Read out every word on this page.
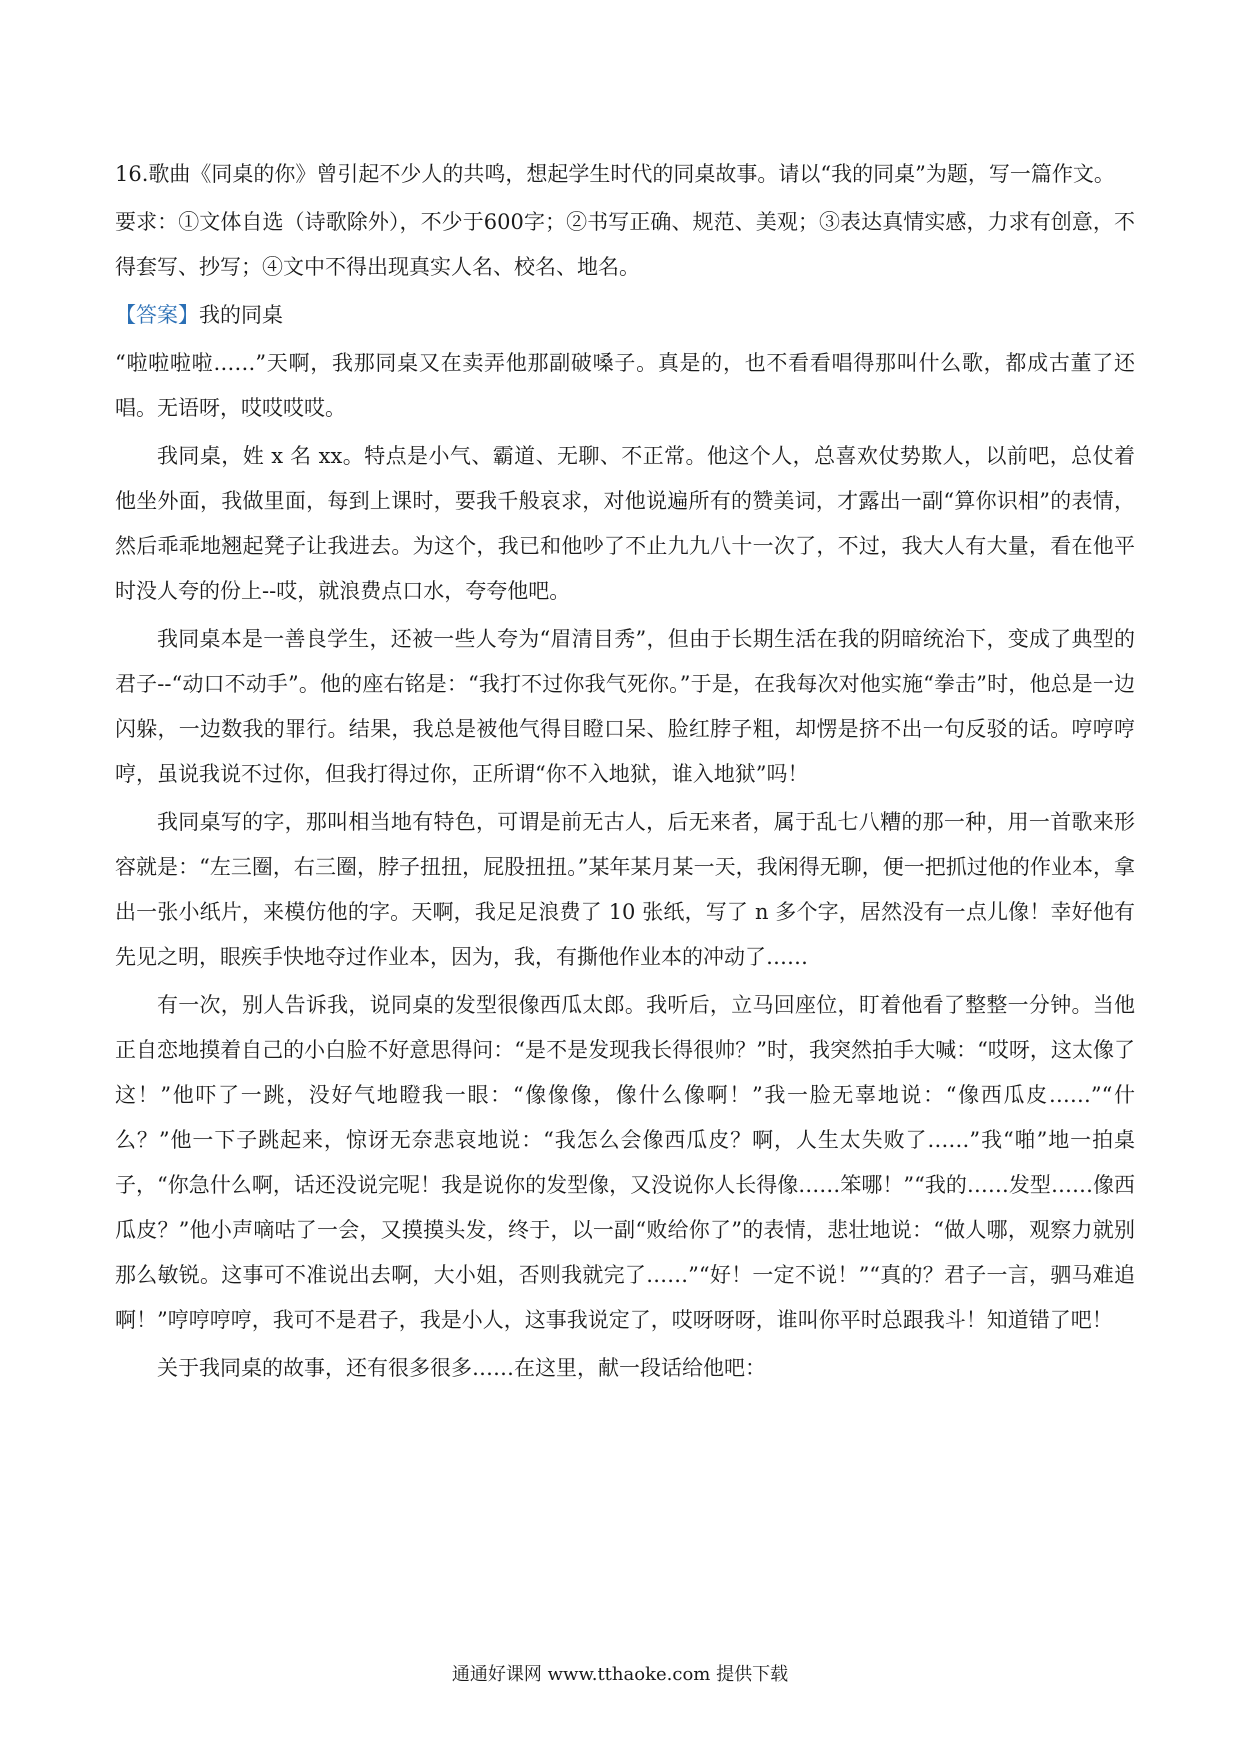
16.歌曲《同桌的你》曾引起不少人的共鸣，想起学生时代的同桌故事。请以“我的同桌”为题，写一篇作文。

要求：①文体自选（诗歌除外），不少于600字；②书写正确、规范、美观；③表达真情实感，力求有创意，不得套写、抄写；④文中不得出现真实人名、校名、地名。

【答案】我的同桌

“啦啦啦啦……”天啊，我那同桌又在卖弄他那副破嗓子。真是的，也不看看唱得那叫什么歌，都成古董了还唱。无语呀，哎哎哎哎。

我同桌，姓 x 名 xx。特点是小气、霸道、无聊、不正常。他这个人，总喜欢仗势欺人，以前吧，总仗着他坐外面，我做里面，每到上课时，要我千般哀求，对他说遍所有的赞美词，才露出一副“算你识相”的表情，然后乖乖地翘起凳子让我进去。为这个，我已和他吵了不止九九八十一次了，不过，我大人有大量，看在他平时没人夸的份上--哎，就浪费点口水，夸夸他吧。

我同桌本是一善良学生，还被一些人夸为“眉清目秀”，但由于长期生活在我的阴暗统治下，变成了典型的君子--“动口不动手”。他的座右铭是：“我打不过你我气死你。”于是，在我每次对他实施“拳击”时，他总是一边闪躲，一边数我的罪行。结果，我总是被他气得目瞪口呆、脸红脖子粗，却愣是挤不出一句反驳的话。哼哼哼哼，虽说我说不过你，但我打得过你，正所谓“你不入地狱，谁入地狱”吗！

我同桌写的字，那叫相当地有特色，可谓是前无古人，后无来者，属于乱七八糟的那一种，用一首歌来形容就是：“左三圈，右三圈，脖子扭扭，屁股扭扭。”某年某月某一天，我闲得无聊，便一把抓过他的作业本，拿出一张小纸片，来模仿他的字。天啊，我足足浪费了 10 张纸，写了 n 多个字，居然没有一点儿像！幸好他有先见之明，眼疾手快地夺过作业本，因为，我，有撕他作业本的冲动了……

有一次，别人告诉我，说同桌的发型很像西瓜太郎。我听后，立马回座位，盯着他看了整整一分钟。当他正自恋地摸着自己的小白脸不好意思得问：“是不是发现我长得很帅？”时，我突然拍手大喊：“哎呀，这太像了这！”他吓了一跳，没好气地瞪我一眼：“像像像，像什么像啊！”我一脸无辜地说：“像西瓜皮……”“什么？”他一下子跳起来，惊讶无奈悲哀地说：“我怎么会像西瓜皮？啊，人生太失败了……”我“啪”地一拍桌子，“你急什么啊，话还没说完呢！我是说你的发型像，又没说你人长得像……笨哪！”“我的……发型……像西瓜皮？”他小声嘀咕了一会，又摸摸头发，终于，以一副“败给你了”的表情，悲壮地说：“做人哪，观察力就别那么敏锐。这事可不准说出去啊，大小姐，否则我就完了……”“好！一定不说！”“真的？君子一言，驷马难追啊！”哼哼哼哼，我可不是君子，我是小人，这事我说定了，哎呀呀呀，谁叫你平时总跟我斗！知道错了吧！

关于我同桌的故事，还有很多很多……在这里，献一段话给他吧：

通通好课网 www.tthaoke.com 提供下载
